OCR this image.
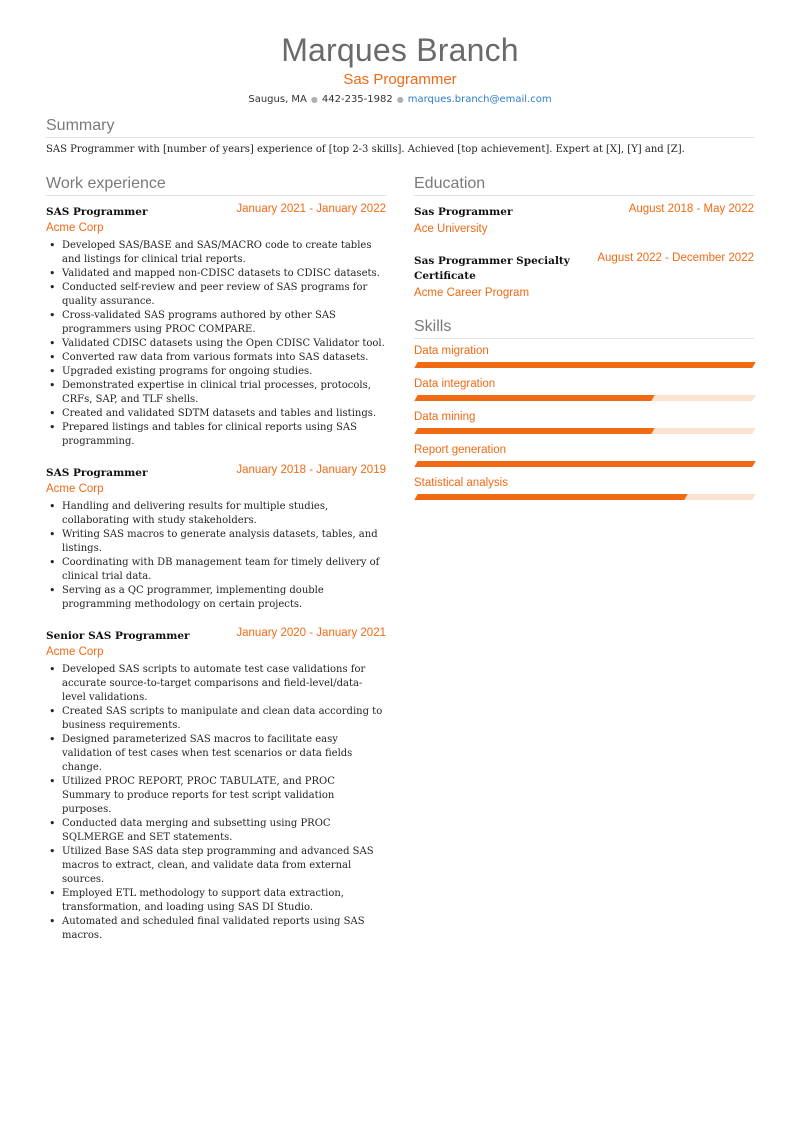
Marques Branch
Sas Programmer
Saugus, MA ● 442-235-1982 ● marques.branch@email.com
Summary

SAS Programmer with [number of years] experience of [top 2-3 skills]. Achieved [top achievement]. Expert at [X], [Y] and [Z].

Work experience
SAS Programmer	January 2021 - January 2022
Acme Corp
• Developed SAS/BASE and SAS/MACRO code to create tables and listings for clinical trial reports.
• Validated and mapped non-CDISC datasets to CDISC datasets.
• Conducted self-review and peer review of SAS programs for quality assurance.
• Cross-validated SAS programs authored by other SAS programmers using PROC COMPARE.
• Validated CDISC datasets using the Open CDISC Validator tool.
• Converted raw data from various formats into SAS datasets.
• Upgraded existing programs for ongoing studies.
• Demonstrated expertise in clinical trial processes, protocols, CRFs, SAP, and TLF shells.
• Created and validated SDTM datasets and tables and listings.
• Prepared listings and tables for clinical reports using SAS programming.
SAS Programmer	January 2018 - January 2019
Acme Corp
• Handling and delivering results for multiple studies, collaborating with study stakeholders.
• Writing SAS macros to generate analysis datasets, tables, and listings.
• Coordinating with DB management team for timely delivery of clinical trial data.
• Serving as a QC programmer, implementing double programming methodology on certain projects.
Senior SAS Programmer	January 2020 - January 2021
Acme Corp
• Developed SAS scripts to automate test case validations for accurate source-to-target comparisons and field-level/data-level validations.
• Created SAS scripts to manipulate and clean data according to business requirements.
• Designed parameterized SAS macros to facilitate easy validation of test cases when test scenarios or data fields change.
• Utilized PROC REPORT, PROC TABULATE, and PROC Summary to produce reports for test script validation purposes.
• Conducted data merging and subsetting using PROC SQLMERGE and SET statements.
• Utilized Base SAS data step programming and advanced SAS macros to extract, clean, and validate data from external sources.
• Employed ETL methodology to support data extraction, transformation, and loading using SAS DI Studio.
• Automated and scheduled final validated reports using SAS macros.
Education
Sas Programmer	August 2018 - May 2022
Ace University
Sas Programmer Specialty Certificate
August 2022 - December 2022
Acme Career Program
Skills
Data migration
Data integration
Data mining
Report generation
Statistical analysis
